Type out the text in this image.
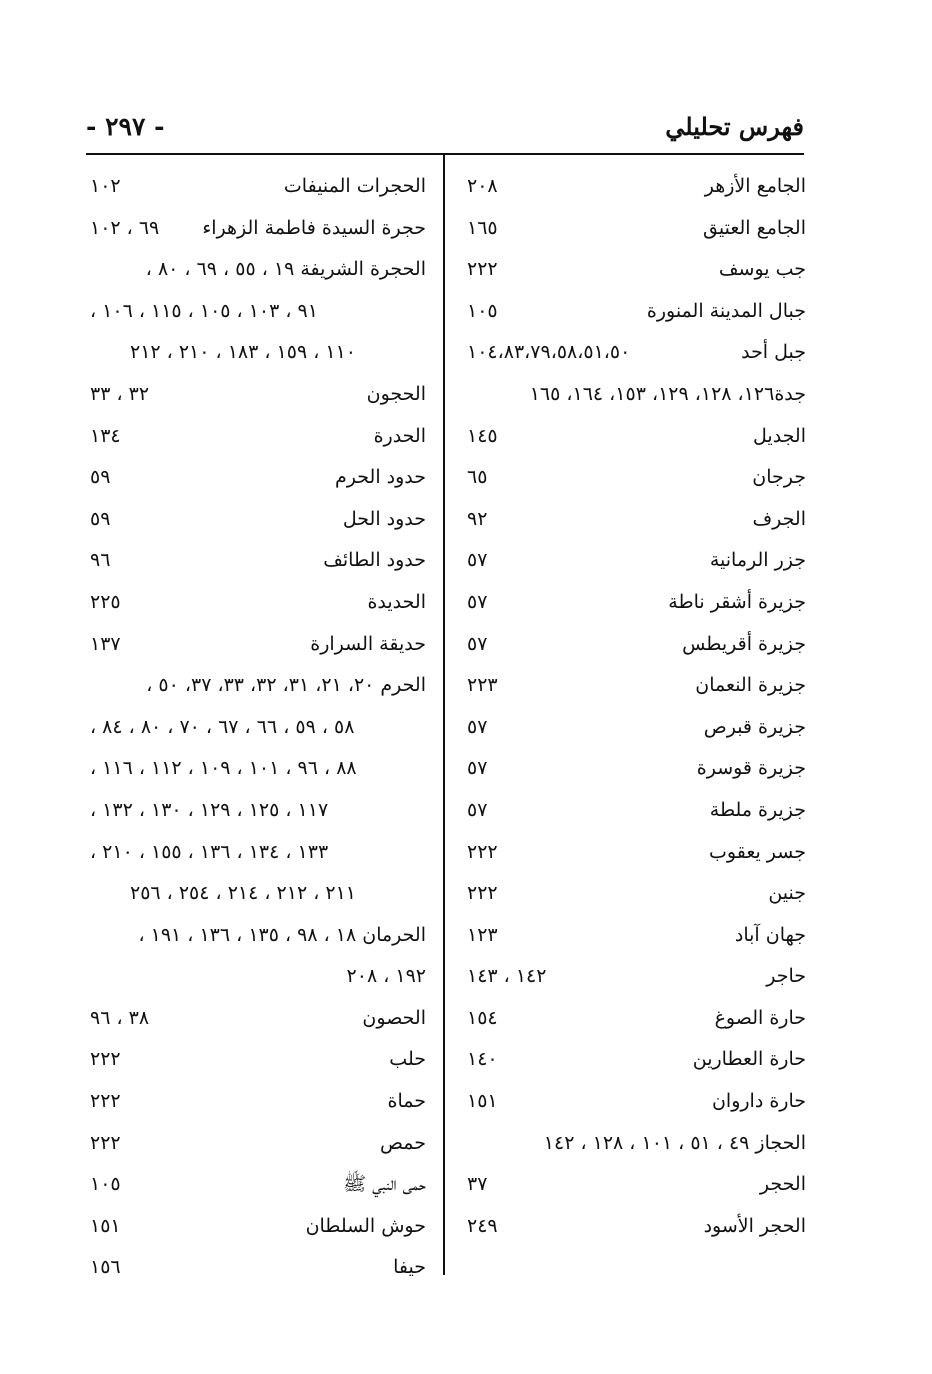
- ٢٩٧ -	فهرس تحليلي
الجامع الأزهر
٢٠٨
الجامع العتيق
١٦٥
جب يوسف
٢٢٢
جبال المدينة المنورة
١٠٥
جبل أحد
١٠٤،٨٣،٧٩،٥٨،٥١،٥٠
جدة١٢٦، ١٢٨، ١٢٩، ١٥٣، ١٦٤، ١٦٥
الجديل
١٤٥
جرجان
٦٥
الجرف
٩٢
جزر الرمانية
٥٧
جزيرة أشقر ناطة
٥٧
جزيرة أقريطس
٥٧
جزيرة النعمان
٢٢٣
جزيرة قبرص
٥٧
جزيرة قوسرة
٥٧
جزيرة ملطة
٥٧
جسر يعقوب
٢٢٢
جنين
٢٢٢
جهان آباد
١٢٣
حاجر
١٤٢ ، ١٤٣
حارة الصوغ
١٥٤
حارة العطارين
١٤٠
حارة داروان
١٥١
الحجاز ٤٩ ، ٥١ ، ١٠١ ، ١٢٨ ، ١٤٢
الحجر
٣٧
الحجر الأسود
٢٤٩
الحجرات المنيفات
١٠٢
حجرة السيدة فاطمة الزهراء
٦٩ ، ١٠٢
الحجرة الشريفة ١٩ ، ٥٥ ، ٦٩ ، ٨٠ ،
٩١ ، ١٠٣ ، ١٠٥ ، ١١٥ ، ١٠٦ ،
١١٠ ، ١٥٩ ، ١٨٣ ، ٢١٠ ، ٢١٢
الحجون
٣٢ ، ٣٣
الحدرة
١٣٤
حدود الحرم
٥٩
حدود الحل
٥٩
حدود الطائف
٩٦
الحديدة
٢٢٥
حديقة السرارة
١٣٧
الحرم ٢٠، ٢١، ٣١، ٣٢، ٣٣، ٣٧، ٥٠ ،
٥٨ ، ٥٩ ، ٦٦ ، ٦٧ ، ٧٠ ، ٨٠ ، ٨٤ ،
٨٨ ، ٩٦ ، ١٠١ ، ١٠٩ ، ١١٢ ، ١١٦ ،
١١٧ ، ١٢٥ ، ١٢٩ ، ١٣٠ ، ١٣٢ ،
١٣٣ ، ١٣٤ ، ١٣٦ ، ١٥٥ ، ٢١٠ ،
٢١١ ، ٢١٢ ، ٢١٤ ، ٢٥٤ ، ٢٥٦
الحرمان ١٨ ، ٩٨ ، ١٣٥ ، ١٣٦ ، ١٩١ ،
١٩٢ ، ٢٠٨
الحصون
٣٨ ، ٩٦
حلب
٢٢٢
حماة
٢٢٢
حمص
٢٢٢
حمى النبي ﷺ
١٠٥
حوش السلطان
١٥١
حيفا
١٥٦
